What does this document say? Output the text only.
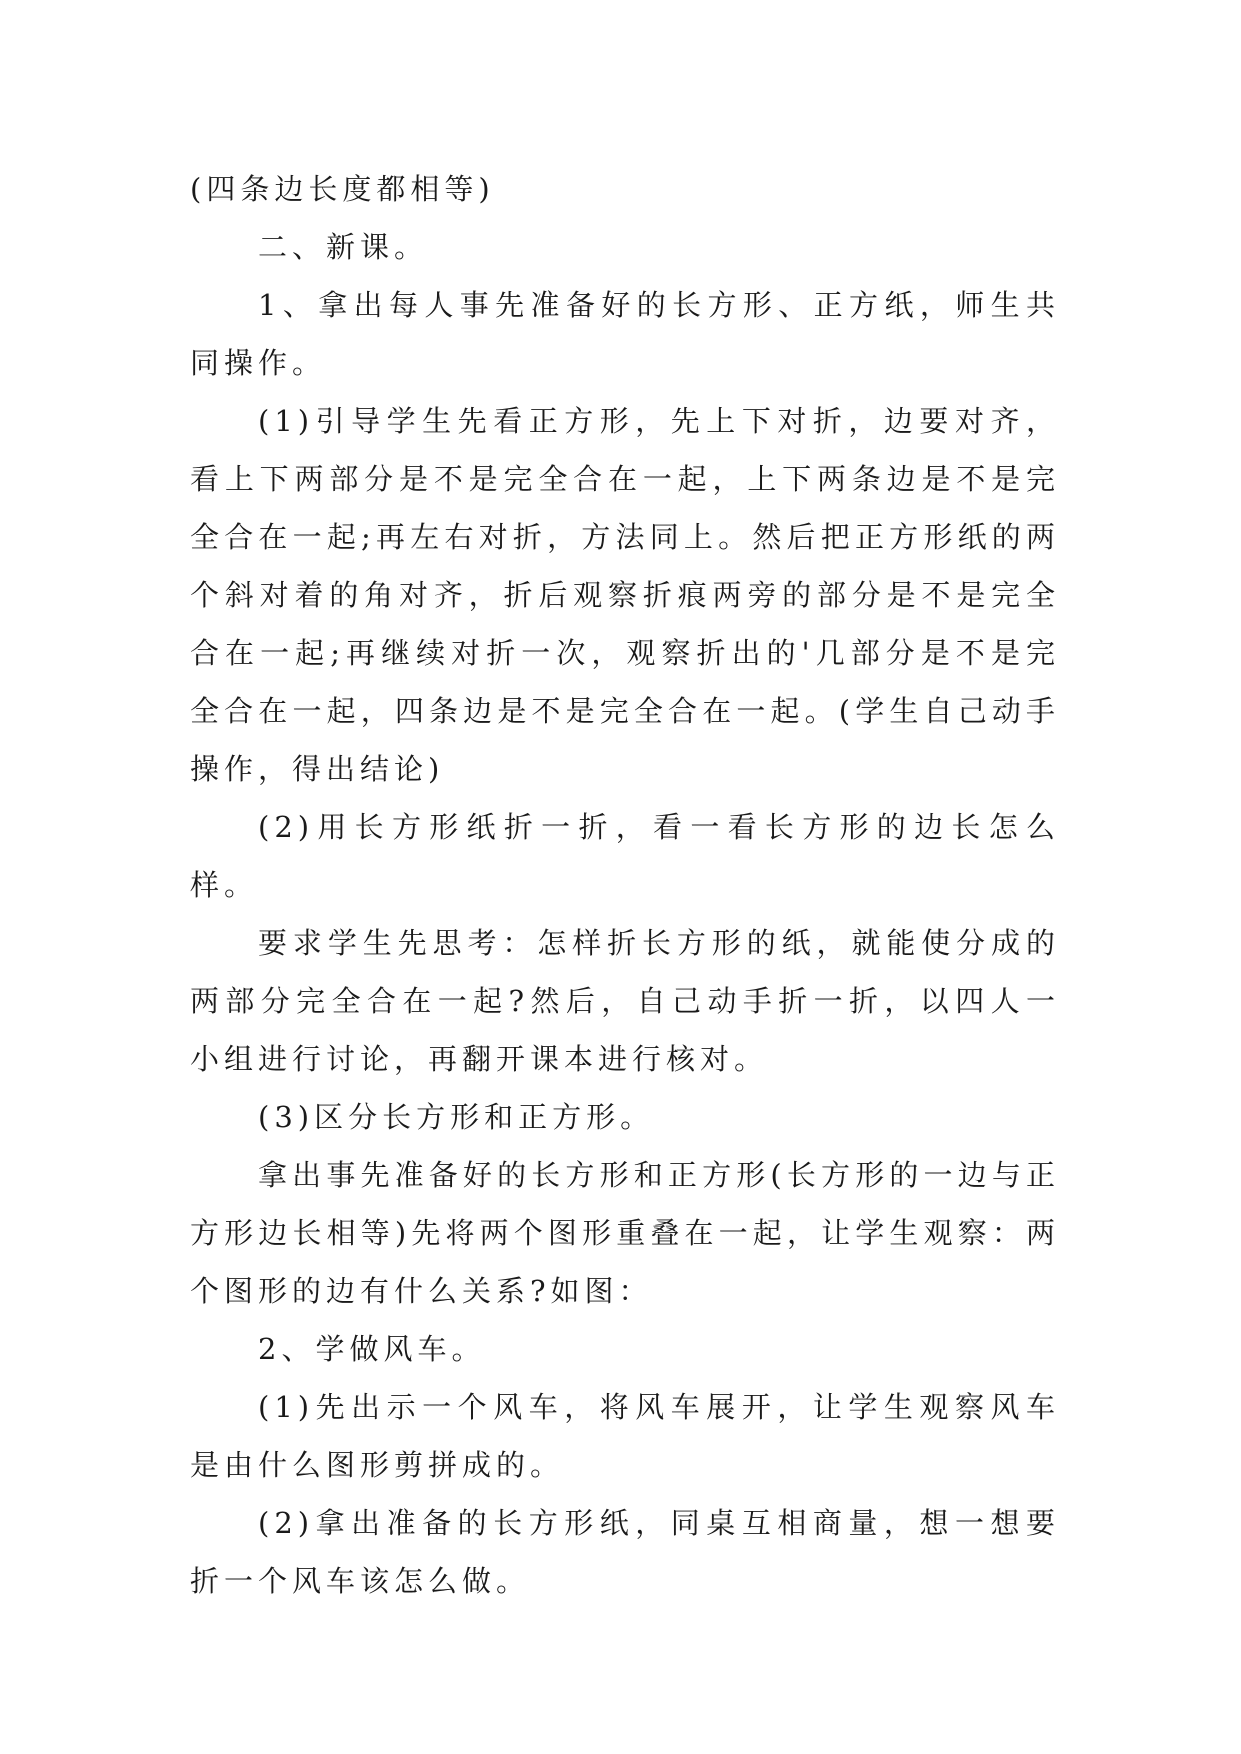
(四条边长度都相等)

二、新课。

1、拿出每人事先准备好的长方形、正方纸，师生共同操作。

(1)引导学生先看正方形，先上下对折，边要对齐，看上下两部分是不是完全合在一起，上下两条边是不是完全合在一起;再左右对折，方法同上。然后把正方形纸的两个斜对着的角对齐，折后观察折痕两旁的部分是不是完全合在一起;再继续对折一次，观察折出的'几部分是不是完全合在一起，四条边是不是完全合在一起。(学生自己动手操作，得出结论)

(2)用长方形纸折一折，看一看长方形的边长怎么样。

要求学生先思考：怎样折长方形的纸，就能使分成的两部分完全合在一起?然后，自己动手折一折，以四人一小组进行讨论，再翻开课本进行核对。

(3)区分长方形和正方形。

拿出事先准备好的长方形和正方形(长方形的一边与正方形边长相等)先将两个图形重叠在一起，让学生观察：两个图形的边有什么关系?如图：

2、学做风车。

(1)先出示一个风车，将风车展开，让学生观察风车是由什么图形剪拼成的。

(2)拿出准备的长方形纸，同桌互相商量，想一想要折一个风车该怎么做。
